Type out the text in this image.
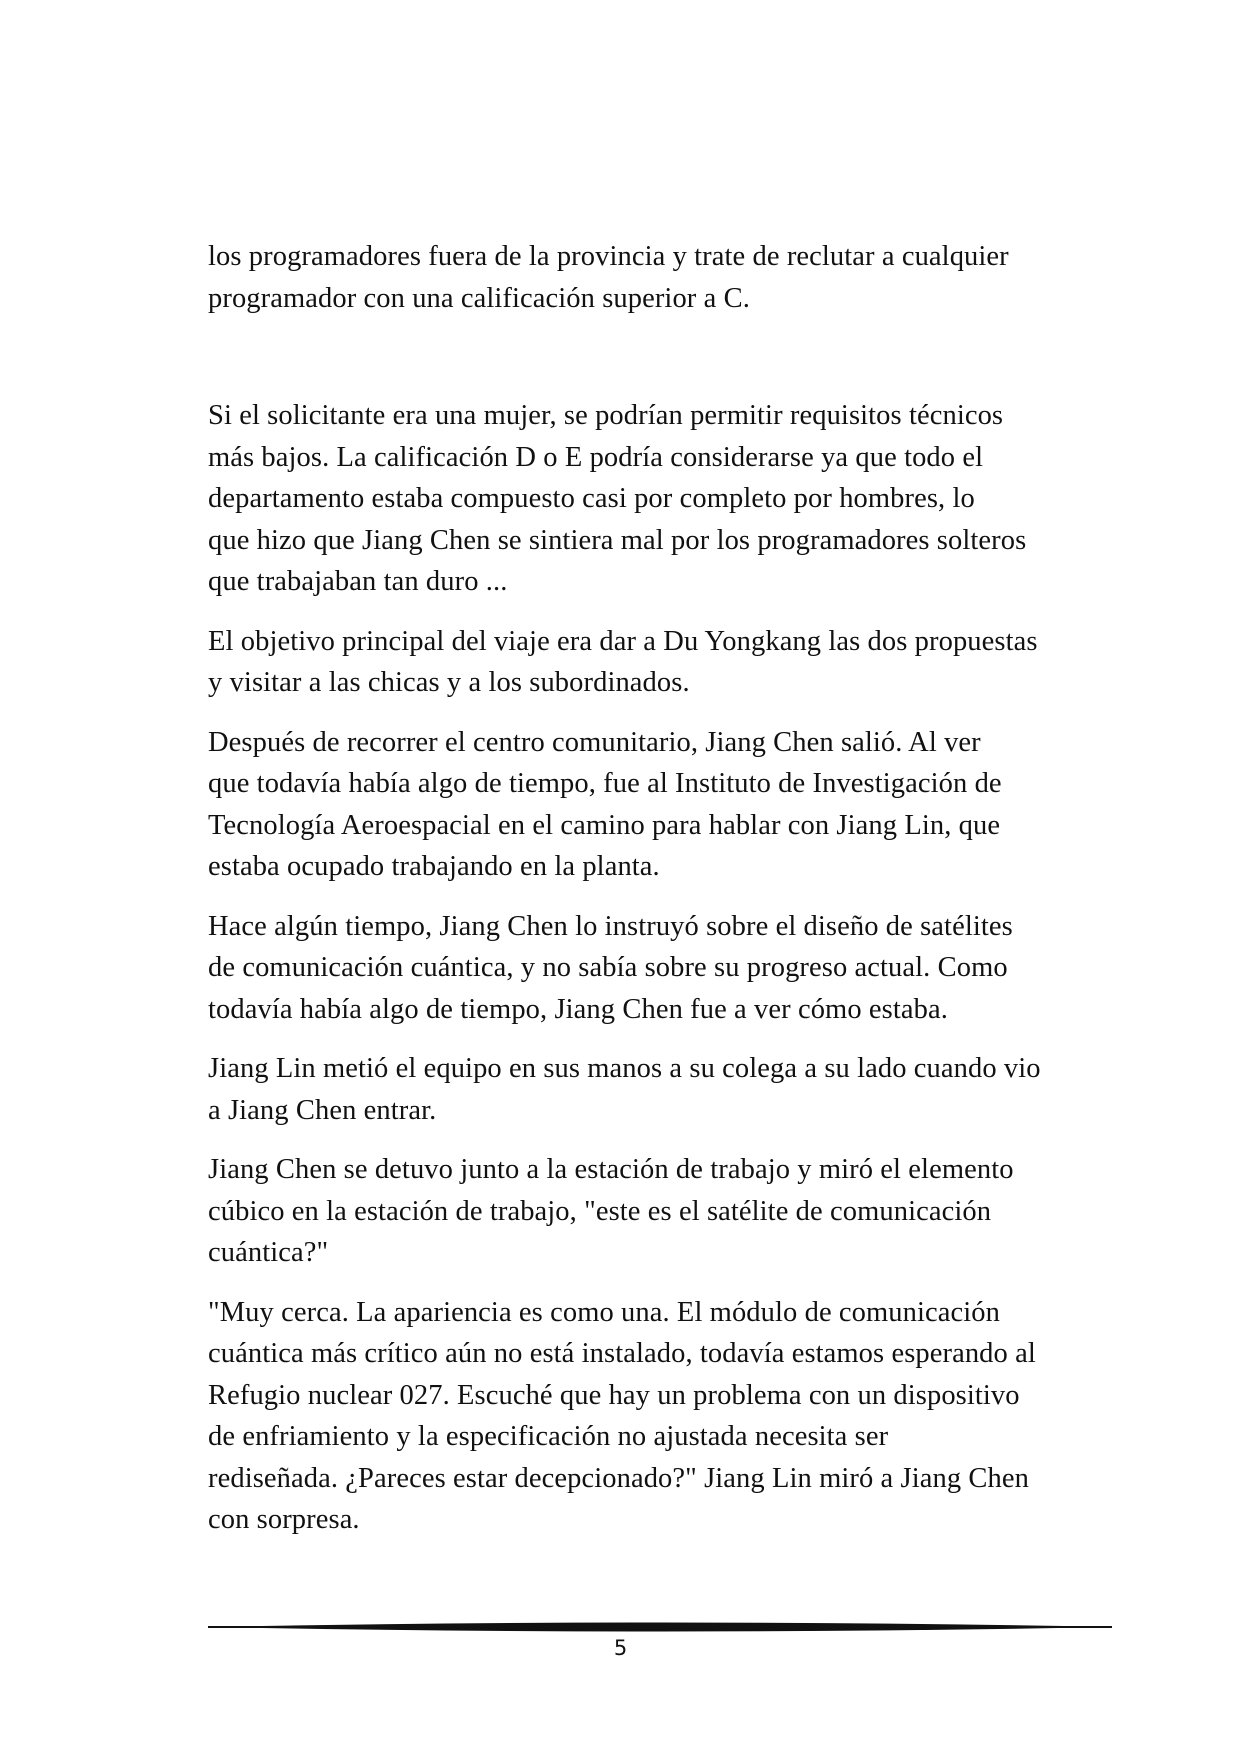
los programadores fuera de la provincia y trate de reclutar a cualquier
programador con una calificación superior a C.

Si el solicitante era una mujer, se podrían permitir requisitos técnicos
más bajos. La calificación D o E podría considerarse ya que todo el
departamento estaba compuesto casi por completo por hombres, lo
que hizo que Jiang Chen se sintiera mal por los programadores solteros
que trabajaban tan duro ...

El objetivo principal del viaje era dar a Du Yongkang las dos propuestas
y visitar a las chicas y a los subordinados.

Después de recorrer el centro comunitario, Jiang Chen salió. Al ver
que todavía había algo de tiempo, fue al Instituto de Investigación de
Tecnología Aeroespacial en el camino para hablar con Jiang Lin, que
estaba ocupado trabajando en la planta.

Hace algún tiempo, Jiang Chen lo instruyó sobre el diseño de satélites
de comunicación cuántica, y no sabía sobre su progreso actual. Como
todavía había algo de tiempo, Jiang Chen fue a ver cómo estaba.

Jiang Lin metió el equipo en sus manos a su colega a su lado cuando vio
a Jiang Chen entrar.

Jiang Chen se detuvo junto a la estación de trabajo y miró el elemento
cúbico en la estación de trabajo, "este es el satélite de comunicación
cuántica?"

"Muy cerca. La apariencia es como una. El módulo de comunicación
cuántica más crítico aún no está instalado, todavía estamos esperando al
Refugio nuclear 027. Escuché que hay un problema con un dispositivo
de enfriamiento y la especificación no ajustada necesita ser
rediseñada. ¿Pareces estar decepcionado?" Jiang Lin miró a Jiang Chen
con sorpresa.

5
